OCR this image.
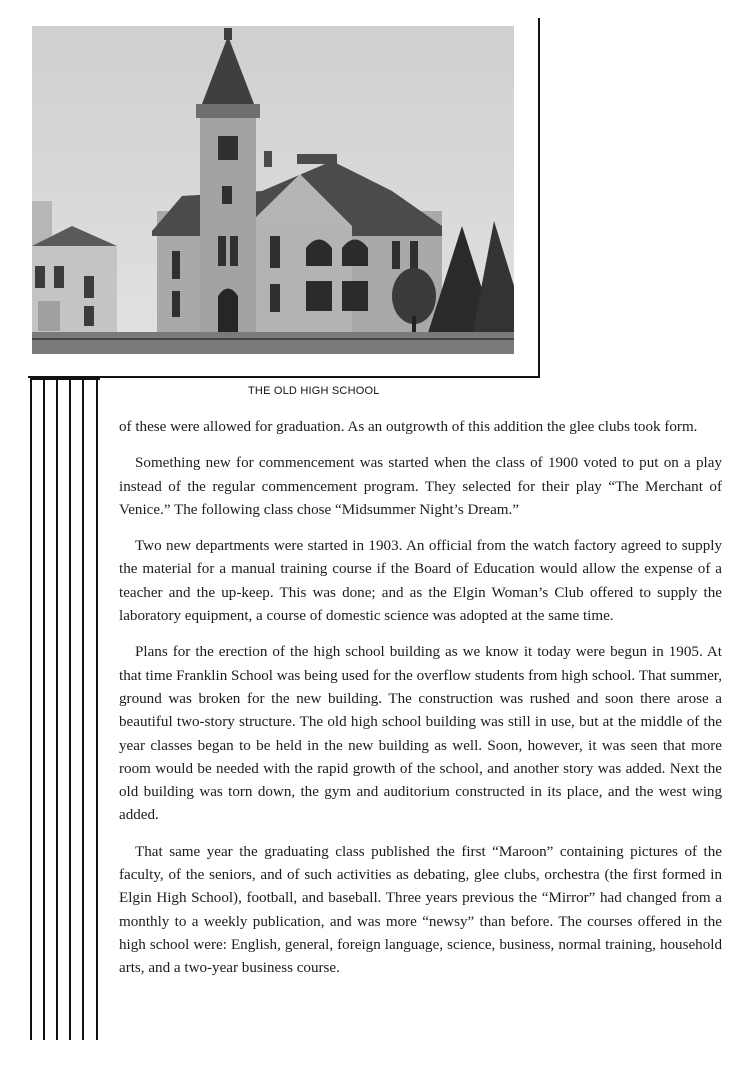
THE OLD HIGH SCHOOL

of these were allowed for graduation. As an outgrowth of this addition the glee clubs took form.

Something new for commencement was started when the class of 1900 voted to put on a play instead of the regular commencement program. They selected for their play “The Merchant of Venice.” The following class chose “Midsummer Night’s Dream.”

Two new departments were started in 1903. An official from the watch factory agreed to supply the material for a manual training course if the Board of Education would allow the expense of a teacher and the up-keep. This was done; and as the Elgin Woman’s Club offered to supply the laboratory equipment, a course of domestic science was adopted at the same time.

Plans for the erection of the high school building as we know it today were begun in 1905. At that time Franklin School was being used for the overflow students from high school. That summer, ground was broken for the new building. The construction was rushed and soon there arose a beautiful two-story structure. The old high school building was still in use, but at the middle of the year classes began to be held in the new building as well. Soon, however, it was seen that more room would be needed with the rapid growth of the school, and another story was added. Next the old building was torn down, the gym and auditorium constructed in its place, and the west wing added.

That same year the graduating class published the first “Maroon” containing pictures of the faculty, of the seniors, and of such activities as debating, glee clubs, orchestra (the first formed in Elgin High School), football, and baseball. Three years previous the “Mirror” had changed from a monthly to a weekly publication, and was more “newsy” than before. The courses offered in the high school were: English, general, foreign language, science, business, normal training, household arts, and a two-year business course.
